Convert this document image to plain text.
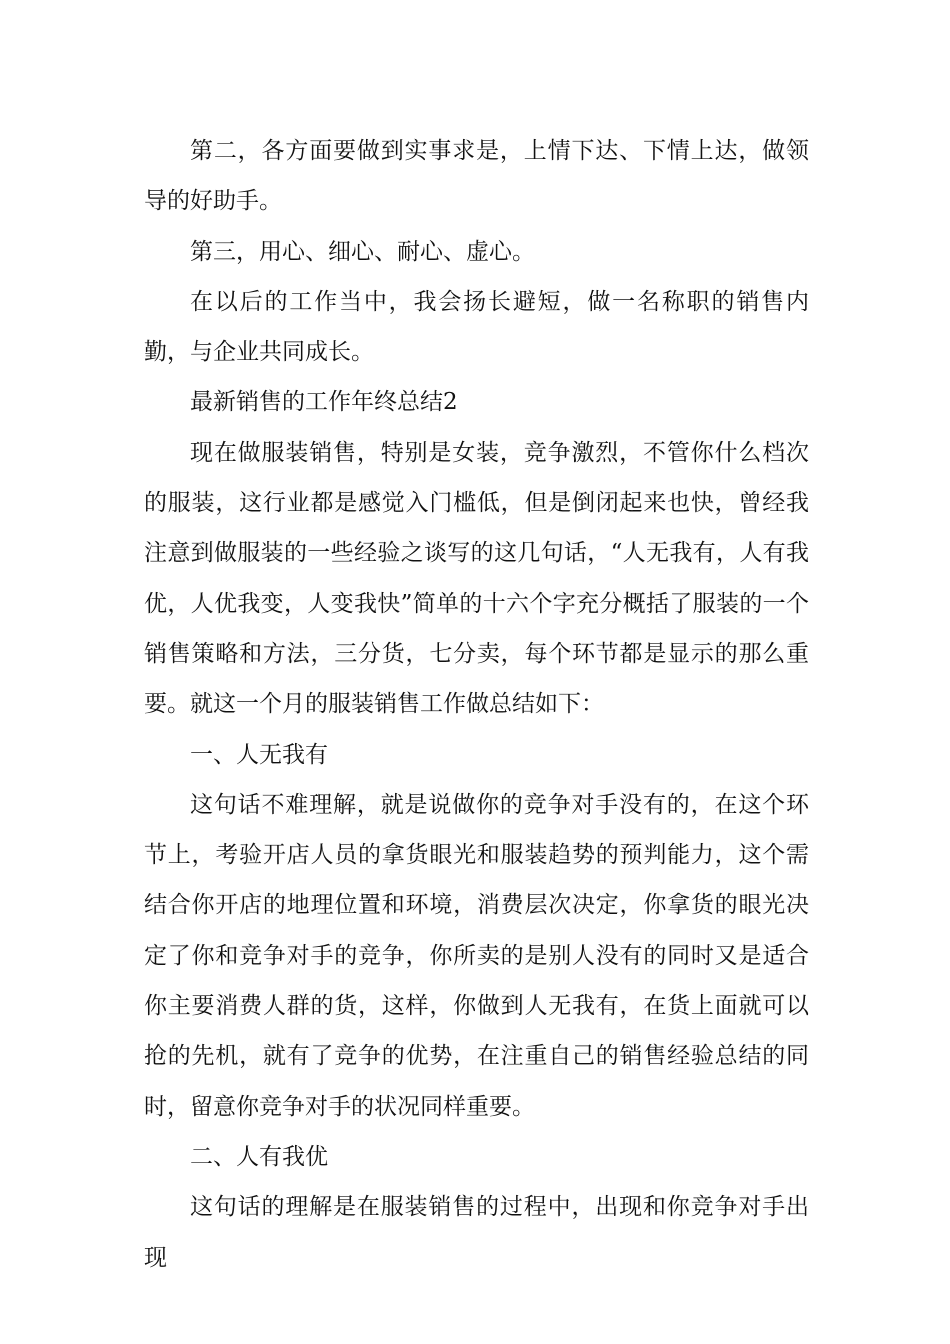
第二，各方面要做到实事求是，上情下达、下情上达，做领导的好助手。

第三，用心、细心、耐心、虚心。

在以后的工作当中，我会扬长避短，做一名称职的销售内勤，与企业共同成长。

最新销售的工作年终总结2

现在做服装销售，特别是女装，竞争激烈，不管你什么档次的服装，这行业都是感觉入门槛低，但是倒闭起来也快，曾经我注意到做服装的一些经验之谈写的这几句话，“人无我有，人有我优，人优我变，人变我快”简单的十六个字充分概括了服装的一个销售策略和方法，三分货，七分卖，每个环节都是显示的那么重要。就这一个月的服装销售工作做总结如下：

一、人无我有

这句话不难理解，就是说做你的竞争对手没有的，在这个环节上，考验开店人员的拿货眼光和服装趋势的预判能力，这个需结合你开店的地理位置和环境，消费层次决定，你拿货的眼光决定了你和竞争对手的竞争，你所卖的是别人没有的同时又是适合你主要消费人群的货，这样，你做到人无我有，在货上面就可以抢的先机，就有了竞争的优势，在注重自己的销售经验总结的同时，留意你竞争对手的状况同样重要。

二、人有我优

这句话的理解是在服装销售的过程中，出现和你竞争对手出现
